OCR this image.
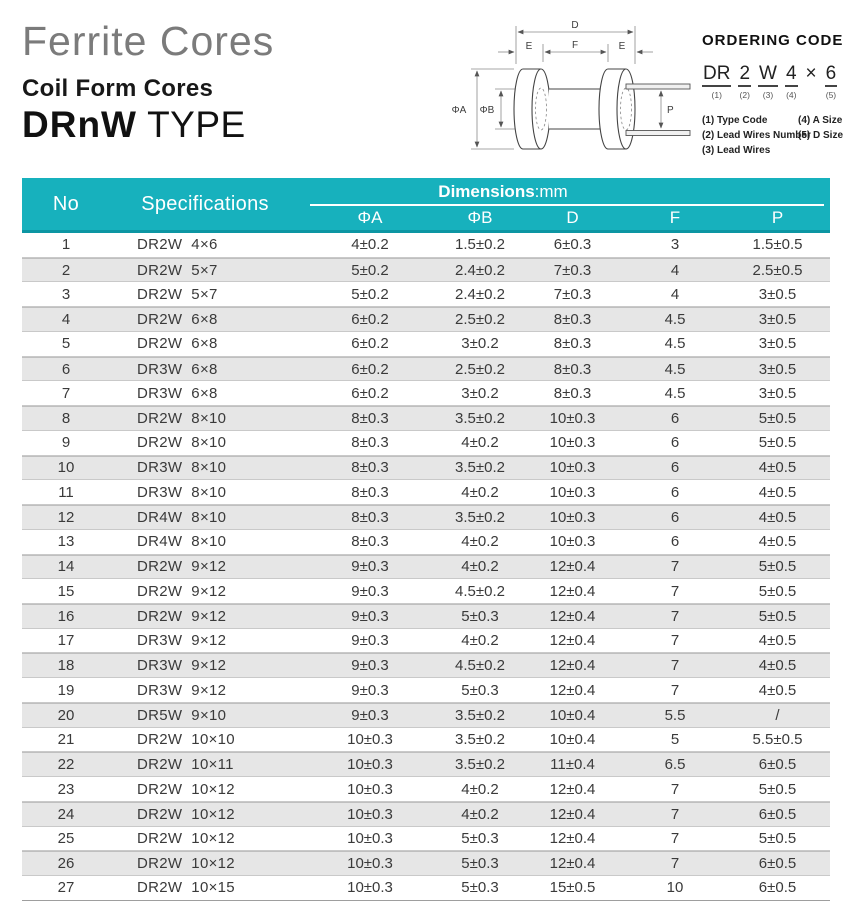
Ferrite Cores
Coil Form Cores
DRnW TYPE
D
F
E	E
ΦA ΦB	P
ORDERING CODE
DR
(1)
2
(2)
W
(3)
4
(4)
× 6
(5)
(1) Type Code
(2) Lead Wires Number
(3) Lead Wires
(4) A Size
(5) D Size
No	Specifications
Dimensions:mm
ΦA	ΦB	D	F	P
1	DR2W  4×6	4±0.2	1.5±0.2	6±0.3	3	1.5±0.5
2	DR2W  5×7	5±0.2	2.4±0.2	7±0.3	4	2.5±0.5
3	DR2W  5×7	5±0.2	2.4±0.2	7±0.3	4	3±0.5
4	DR2W  6×8	6±0.2	2.5±0.2	8±0.3	4.5	3±0.5
5	DR2W  6×8	6±0.2	3±0.2	8±0.3	4.5	3±0.5
6	DR3W  6×8	6±0.2	2.5±0.2	8±0.3	4.5	3±0.5
7	DR3W  6×8	6±0.2	3±0.2	8±0.3	4.5	3±0.5
8	DR2W  8×10	8±0.3	3.5±0.2	10±0.3	6	5±0.5
9	DR2W  8×10	8±0.3	4±0.2	10±0.3	6	5±0.5
10	DR3W  8×10	8±0.3	3.5±0.2	10±0.3	6	4±0.5
11	DR3W  8×10	8±0.3	4±0.2	10±0.3	6	4±0.5
12	DR4W  8×10	8±0.3	3.5±0.2	10±0.3	6	4±0.5
13	DR4W  8×10	8±0.3	4±0.2	10±0.3	6	4±0.5
14	DR2W  9×12	9±0.3	4±0.2	12±0.4	7	5±0.5
15	DR2W  9×12	9±0.3	4.5±0.2	12±0.4	7	5±0.5
16	DR2W  9×12	9±0.3	5±0.3	12±0.4	7	5±0.5
17	DR3W  9×12	9±0.3	4±0.2	12±0.4	7	4±0.5
18	DR3W  9×12	9±0.3	4.5±0.2	12±0.4	7	4±0.5
19	DR3W  9×12	9±0.3	5±0.3	12±0.4	7	4±0.5
20	DR5W  9×10	9±0.3	3.5±0.2	10±0.4	5.5	/
21	DR2W  10×10	10±0.3	3.5±0.2	10±0.4	5	5.5±0.5
22	DR2W  10×11	10±0.3	3.5±0.2	11±0.4	6.5	6±0.5
23	DR2W  10×12	10±0.3	4±0.2	12±0.4	7	5±0.5
24	DR2W  10×12	10±0.3	4±0.2	12±0.4	7	6±0.5
25	DR2W  10×12	10±0.3	5±0.3	12±0.4	7	5±0.5
26	DR2W  10×12	10±0.3	5±0.3	12±0.4	7	6±0.5
27	DR2W  10×15	10±0.3	5±0.3	15±0.5	10	6±0.5
